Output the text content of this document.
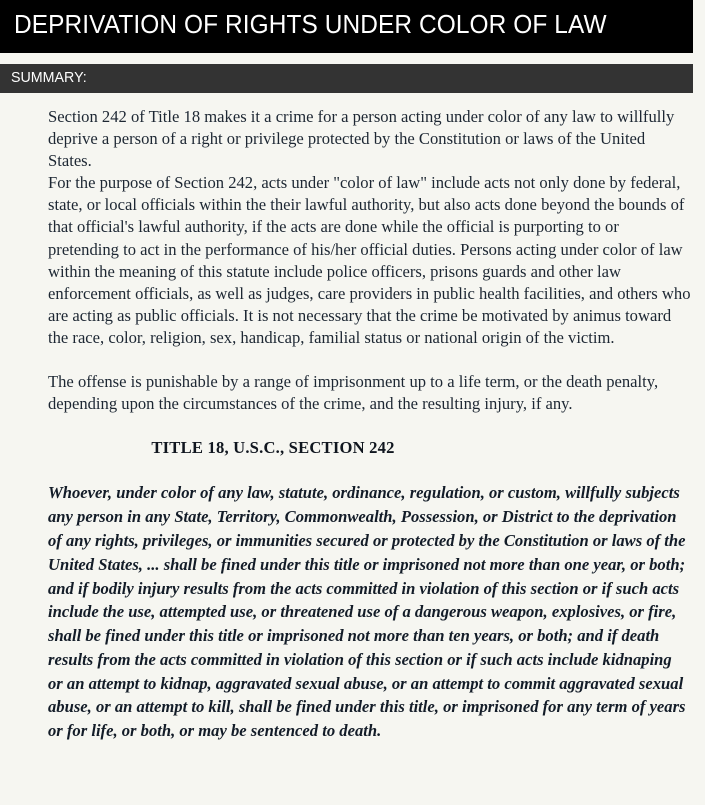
DEPRIVATION OF RIGHTS UNDER COLOR OF LAW
SUMMARY:

Section 242 of Title 18 makes it a crime for a person acting under color of any law to willfully deprive a person of a right or privilege protected by the Constitution or laws of the United States.

For the purpose of Section 242, acts under "color of law" include acts not only done by federal, state, or local officials within the their lawful authority, but also acts done beyond the bounds of that official's lawful authority, if the acts are done while the official is purporting to or pretending to act in the performance of his/her official duties. Persons acting under color of law within the meaning of this statute include police officers, prisons guards and other law enforcement officials, as well as judges, care providers in public health facilities, and others who are acting as public officials. It is not necessary that the crime be motivated by animus toward the race, color, religion, sex, handicap, familial status or national origin of the victim.

The offense is punishable by a range of imprisonment up to a life term, or the death penalty, depending upon the circumstances of the crime, and the resulting injury, if any.

TITLE 18, U.S.C., SECTION 242

Whoever, under color of any law, statute, ordinance, regulation, or custom, willfully subjects any person in any State, Territory, Commonwealth, Possession, or District to the deprivation of any rights, privileges, or immunities secured or protected by the Constitution or laws of the United States, ... shall be fined under this title or imprisoned not more than one year, or both; and if bodily injury results from the acts committed in violation of this section or if such acts include the use, attempted use, or threatened use of a dangerous weapon, explosives, or fire, shall be fined under this title or imprisoned not more than ten years, or both; and if death results from the acts committed in violation of this section or if such acts include kidnaping or an attempt to kidnap, aggravated sexual abuse, or an attempt to commit aggravated sexual abuse, or an attempt to kill, shall be fined under this title, or imprisoned for any term of years or for life, or both, or may be sentenced to death.
